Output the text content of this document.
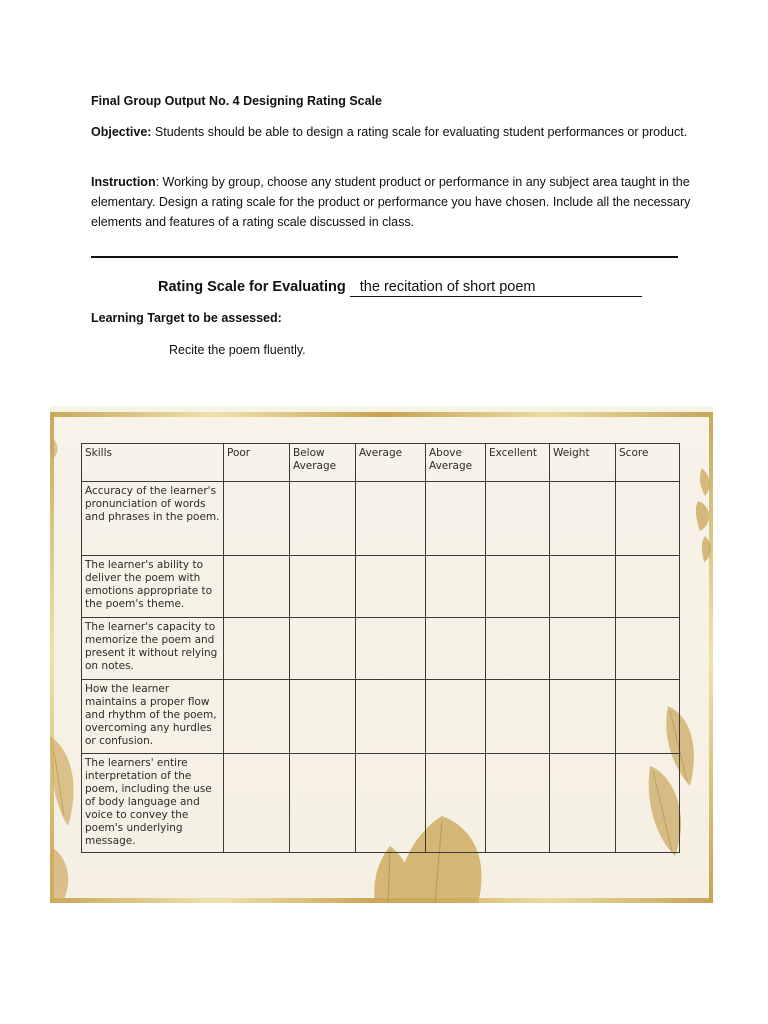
Final Group Output No. 4 Designing Rating Scale
Objective: Students should be able to design a rating scale for evaluating student performances or product.
Instruction: Working by group, choose any student product or performance in any subject area taught in the elementary. Design a rating scale for the product or performance you have chosen. Include all the necessary elements and features of a rating scale discussed in class.
Rating Scale for Evaluating the recitation of short poem
Learning Target to be assessed:
Recite the poem fluently.
Skills	Poor	Below Average	Average	Above Average	Excellent	Weight	Score

Accuracy of the learner's pronunciation of words and phrases in the poem.							

The learner's ability to deliver the poem with emotions appropriate to the poem's theme.							

The learner's capacity to memorize the poem and present it without relying on notes.							

How the learner maintains a proper flow and rhythm of the poem, overcoming any hurdles or confusion.							

The learners' entire interpretation of the poem, including the use of body language and voice to convey the poem's underlying message.							
